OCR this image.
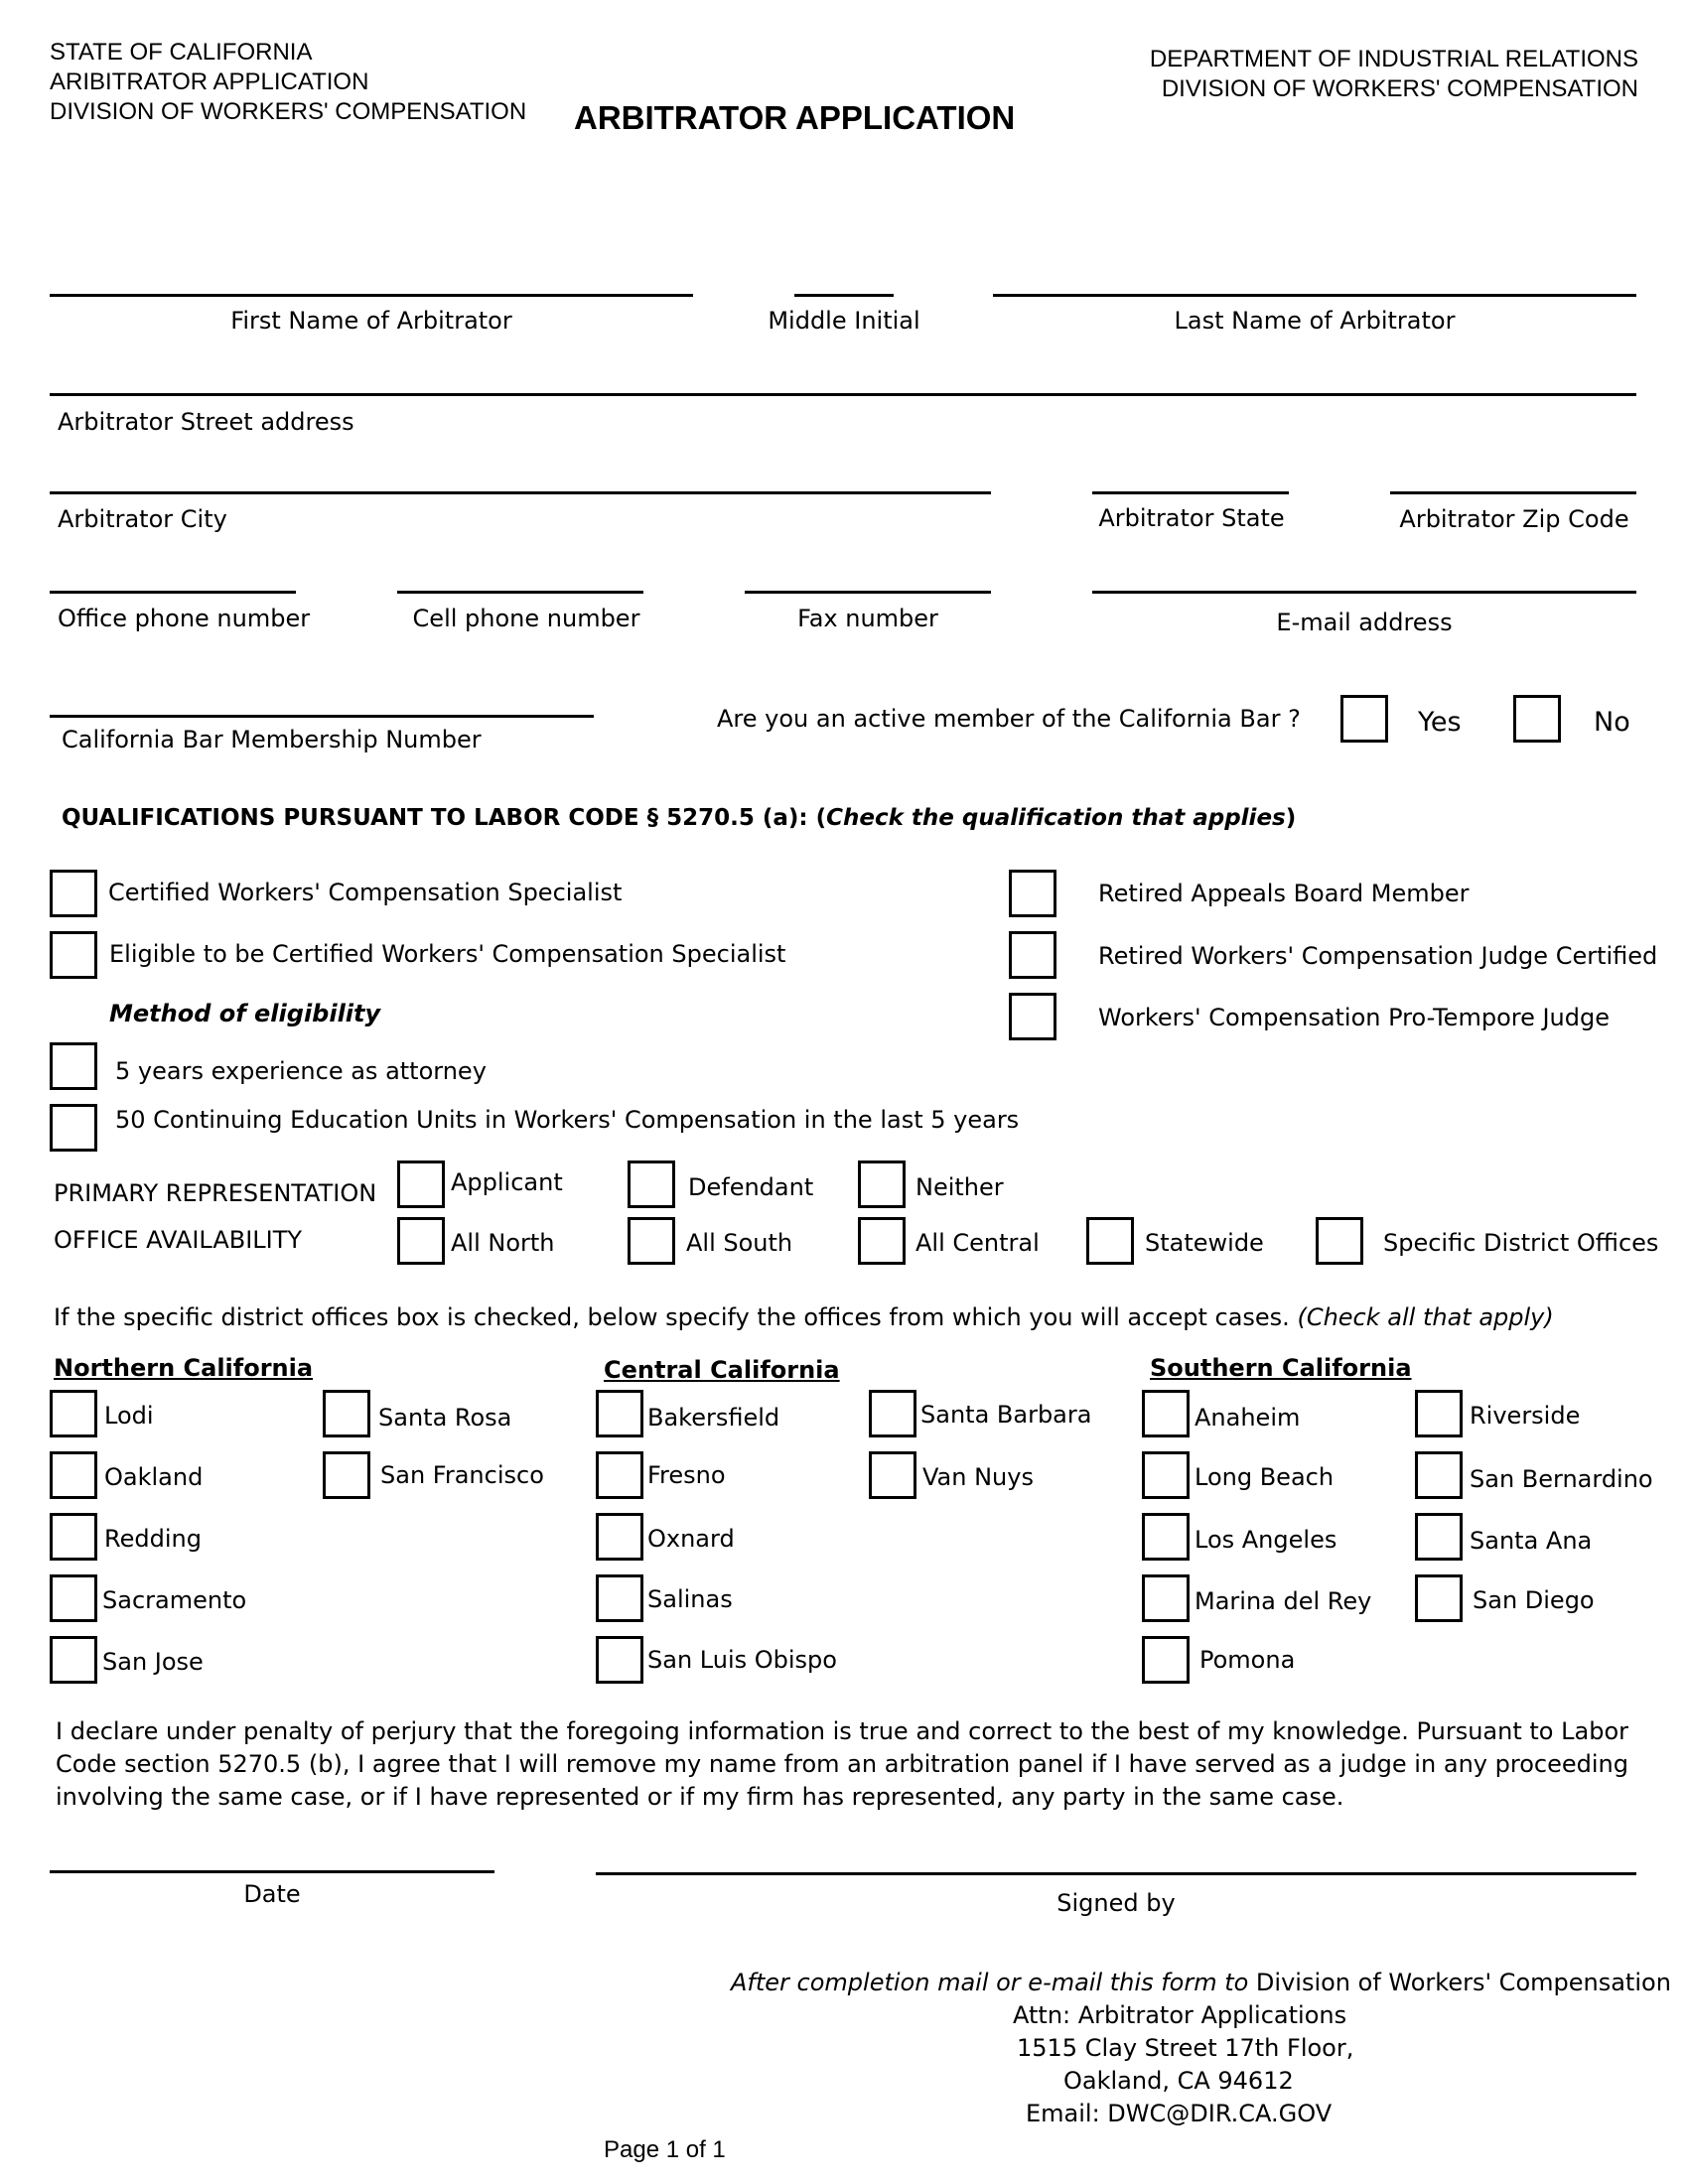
STATE OF CALIFORNIA
ARIBITRATOR APPLICATION
DIVISION OF WORKERS' COMPENSATION ARBITRATOR APPLICATION
DEPARTMENT OF INDUSTRIAL RELATIONS
DIVISION OF WORKERS' COMPENSATION
First Name of Arbitrator	Middle Initial	Last Name of Arbitrator
Arbitrator Street address
Arbitrator City	Arbitrator State	Arbitrator Zip Code
Office phone number	Cell phone number	Fax number	E-mail address
California Bar Membership Number
Are you an active member of the California Bar ?	Yes	No
QUALIFICATIONS PURSUANT TO LABOR CODE § 5270.5 (a): (Check the qualification that applies)
Certified Workers' Compensation Specialist
Eligible to be Certified Workers' Compensation Specialist
Method of eligibility
5 years experience as attorney
50 Continuing Education Units in Workers' Compensation in the last 5 years
Retired Appeals Board Member
Retired Workers' Compensation Judge Certified
Workers' Compensation Pro-Tempore Judge
PRIMARY REPRESENTATION	Applicant	Defendant	Neither
OFFICE AVAILABILITY	All North	All South	All Central	Statewide	Specific District Offices
If the specific district offices box is checked, below specify the offices from which you will accept cases. (Check all that apply)
Northern California
Lodi
Oakland
Redding
Sacramento
San Jose
Santa Rosa
San Francisco
Central California
Bakersfield
Fresno
Oxnard
Salinas
San Luis Obispo
Santa Barbara
Van Nuys
Southern California
Anaheim
Long Beach
Los Angeles
Marina del Rey
Pomona
Riverside
San Bernardino
Santa Ana
San Diego
I declare under penalty of perjury that the foregoing information is true and correct to the best of my knowledge. Pursuant to Labor Code section 5270.5 (b), I agree that I will remove my name from an arbitration panel if I have served as a judge in any proceeding involving the same case, or if I have represented or if my firm has represented, any party in the same case.
Date	Signed by
After completion mail or e-mail this form to Division of Workers' Compensation
Attn: Arbitrator Applications
1515 Clay Street 17th Floor,
Oakland, CA 94612
Email: DWC@DIR.CA.GOV
Page 1 of 1
